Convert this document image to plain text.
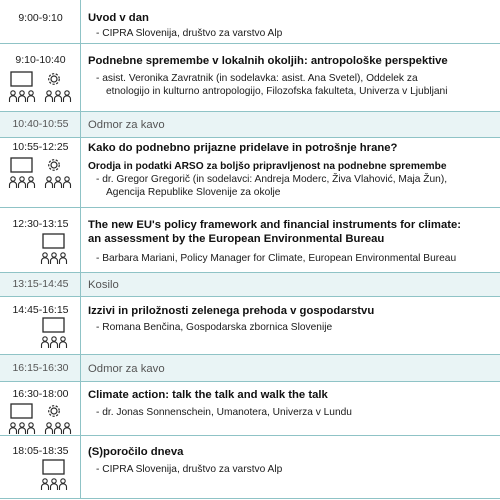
9:00-9:10	Uvod v dan
- CIPRA Slovenija, društvo za varstvo Alp
9:10-10:40	Podnebne spremembe v lokalnih okoljih: antropološke perspektive
- asist. Veronika Zavratnik (in sodelavka: asist. Ana Svetel), Oddelek za
etnologijo in kulturno antropologijo, Filozofska fakulteta, Univerza v Ljubljani
10:40-10:55	Odmor za kavo
10:55-12:25	Kako do podnebno prijazne pridelave in potrošnje hrane?
Orodja in podatki ARSO za boljšo pripravljenost na podnebne spremembe
- dr. Gregor Gregorič (in sodelavci: Andreja Moderc, Živa Vlahović, Maja Žun),
Agencija Republike Slovenije za okolje
12:30-13:15	The new EU's policy framework and financial instruments for climate:
an assessment by the European Environmental Bureau
- Barbara Mariani, Policy Manager for Climate, European Environmental Bureau
13:15-14:45	Kosilo
14:45-16:15	Izzivi in priložnosti zelenega prehoda v gospodarstvu
- Romana Benčina, Gospodarska zbornica Slovenije
16:15-16:30	Odmor za kavo
16:30-18:00	Climate action: talk the talk and walk the talk
- dr. Jonas Sonnenschein, Umanotera, Univerza v Lundu
18:05-18:35	(S)poročilo dneva
- CIPRA Slovenija, društvo za varstvo Alp
